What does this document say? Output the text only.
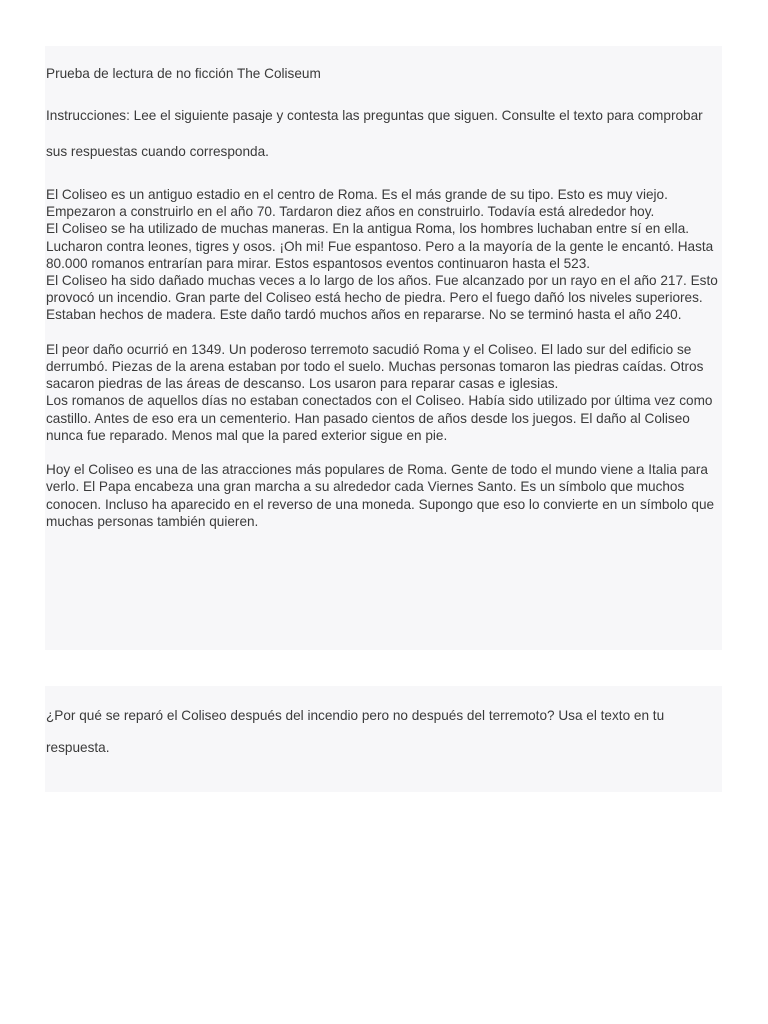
Prueba de lectura de no ficción The Coliseum

Instrucciones: Lee el siguiente pasaje y contesta las preguntas que siguen. Consulte el texto para comprobar sus respuestas cuando corresponda.

El Coliseo es un antiguo estadio en el centro de Roma. Es el más grande de su tipo. Esto es muy viejo. Empezaron a construirlo en el año 70. Tardaron diez años en construirlo. Todavía está alrededor hoy.

El Coliseo se ha utilizado de muchas maneras. En la antigua Roma, los hombres luchaban entre sí en ella. Lucharon contra leones, tigres y osos. ¡Oh mi! Fue espantoso. Pero a la mayoría de la gente le encantó. Hasta 80.000 romanos entrarían para mirar. Estos espantosos eventos continuaron hasta el 523.

El Coliseo ha sido dañado muchas veces a lo largo de los años. Fue alcanzado por un rayo en el año 217. Esto provocó un incendio. Gran parte del Coliseo está hecho de piedra. Pero el fuego dañó los niveles superiores. Estaban hechos de madera. Este daño tardó muchos años en repararse. No se terminó hasta el año 240.

El peor daño ocurrió en 1349. Un poderoso terremoto sacudió Roma y el Coliseo. El lado sur del edificio se derrumbó. Piezas de la arena estaban por todo el suelo. Muchas personas tomaron las piedras caídas. Otros sacaron piedras de las áreas de descanso. Los usaron para reparar casas e iglesias.

Los romanos de aquellos días no estaban conectados con el Coliseo. Había sido utilizado por última vez como castillo. Antes de eso era un cementerio. Han pasado cientos de años desde los juegos. El daño al Coliseo nunca fue reparado. Menos mal que la pared exterior sigue en pie.

Hoy el Coliseo es una de las atracciones más populares de Roma. Gente de todo el mundo viene a Italia para verlo. El Papa encabeza una gran marcha a su alrededor cada Viernes Santo. Es un símbolo que muchos conocen. Incluso ha aparecido en el reverso de una moneda. Supongo que eso lo convierte en un símbolo que muchas personas también quieren.

¿Por qué se reparó el Coliseo después del incendio pero no después del terremoto? Usa el texto en tu respuesta.
